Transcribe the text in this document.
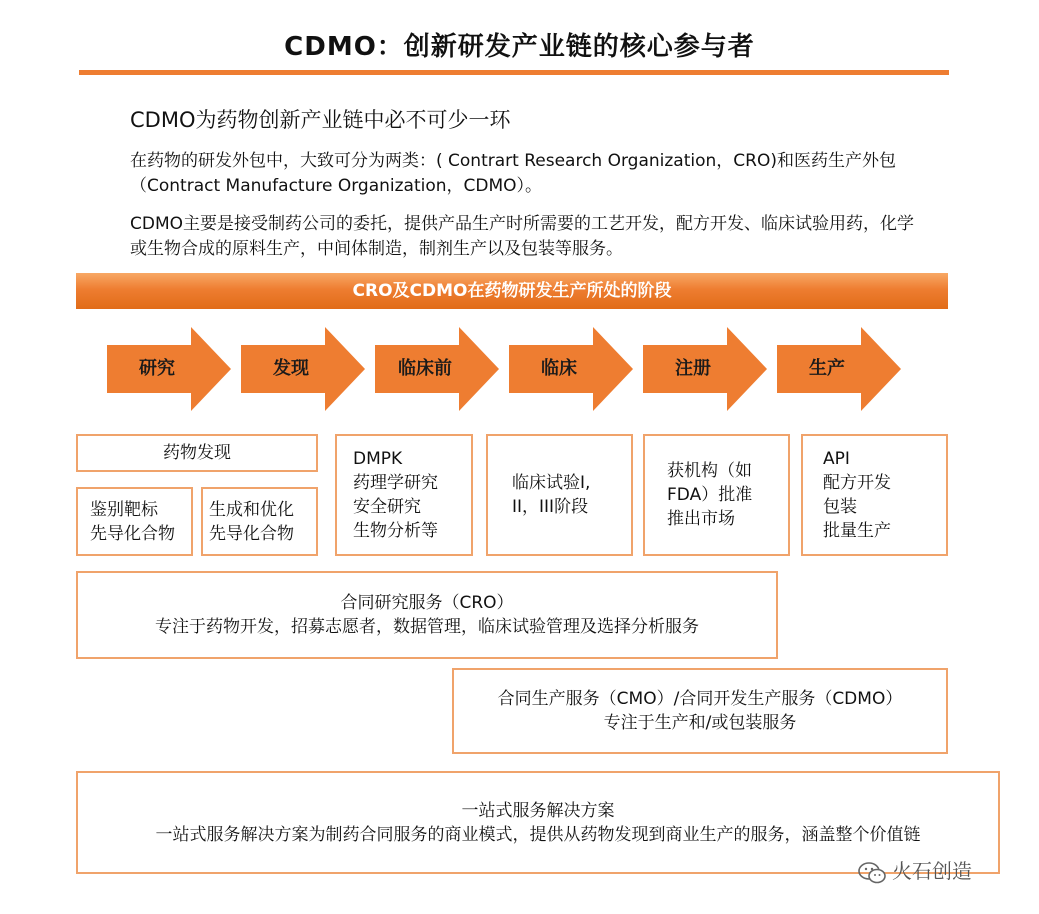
CDMO：创新研发产业链的核心参与者
CDMO为药物创新产业链中必不可少一环
在药物的研发外包中，大致可分为两类：( Contrart Research Organization，CRO)和医药生产外包（Contract Manufacture Organization，CDMO）。
CDMO主要是接受制药公司的委托，提供产品生产时所需要的工艺开发，配方开发、临床试验用药，化学或生物合成的原料生产，中间体制造，制剂生产以及包装等服务。
CRO及CDMO在药物研发生产所处的阶段
研究	发现	临床前	临床	注册	生产
药物发现
鉴别靶标
先导化合物
生成和优化
先导化合物
DMPK
药理学研究
安全研究
生物分析等
临床试验I,
II，III阶段
获机构（如
FDA）批准
推出市场
API
配方开发
包装
批量生产
合同研究服务（CRO）
专注于药物开发，招募志愿者，数据管理，临床试验管理及选择分析服务
合同生产服务（CMO）/合同开发生产服务（CDMO）
专注于生产和/或包装服务
一站式服务解决方案
一站式服务解决方案为制药合同服务的商业模式，提供从药物发现到商业生产的服务，涵盖整个价值链
火石创造
